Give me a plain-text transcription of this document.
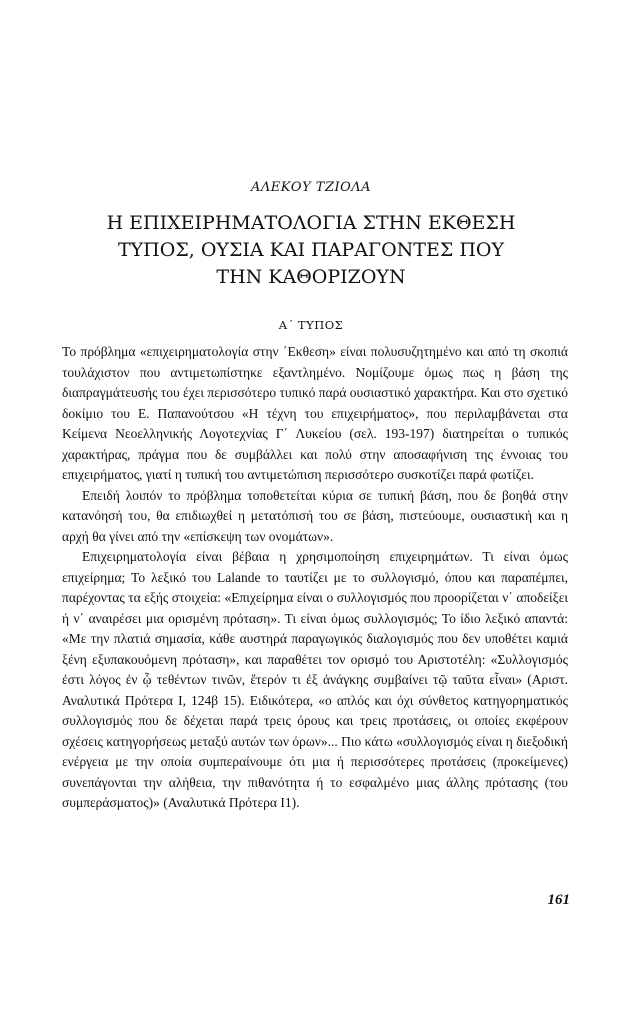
ΑΛΕΚΟΥ ΤΖΙΟΛΑ
Η ΕΠΙΧΕΙΡΗΜΑΤΟΛΟΓΙΑ ΣΤΗΝ ΕΚΘΕΣΗ
ΤΥΠΟΣ, ΟΥΣΙΑ ΚΑΙ ΠΑΡΑΓΟΝΤΕΣ ΠΟΥ
ΤΗΝ ΚΑΘΟΡΙΖΟΥΝ
Α΄ ΤΥΠΟΣ

Το πρόβλημα «επιχειρηματολογία στην ΄Εκθεση» είναι πολυσυζητημένο και από τη σκοπιά τουλάχιστον που αντιμετωπίστηκε εξαντλημένο. Νομίζουμε όμως πως η βάση της διαπραγμάτευσής του έχει περισσότερο τυπικό παρά ουσιαστικό χαρακτήρα. Και στο σχετικό δοκίμιο του Ε. Παπανούτσου «Η τέχνη του επιχειρήματος», που περιλαμβάνεται στα Κείμενα Νεοελληνικής Λογοτεχνίας Γ΄ Λυκείου (σελ. 193-197) διατηρείται ο τυπικός χαρακτήρας, πράγμα που δε συμβάλλει και πολύ στην αποσαφήνιση της έννοιας του επιχειρήματος, γιατί η τυπική του αντιμετώπιση περισσότερο συσκοτίζει παρά φωτίζει.

Επειδή λοιπόν το πρόβλημα τοποθετείται κύρια σε τυπική βάση, που δε βοηθά στην κατανόησή του, θα επιδιωχθεί η μετατόπισή του σε βάση, πιστεύουμε, ουσιαστική και η αρχή θα γίνει από την «επίσκεψη των ονομάτων».

Επιχειρηματολογία είναι βέβαια η χρησιμοποίηση επιχειρημάτων. Τι είναι όμως επιχείρημα; Το λεξικό του Lalande το ταυτίζει με το συλλογισμό, όπου και παραπέμπει, παρέχοντας τα εξής στοιχεία: «Επιχείρημα είναι ο συλλογισμός που προορίζεται ν΄ αποδείξει ή ν΄ αναιρέσει μια ορισμένη πρόταση». Τι είναι όμως συλλογισμός; Το ίδιο λεξικό απαντά: «Με την πλατιά σημασία, κάθε αυστηρά παραγωγικός διαλογισμός που δεν υποθέτει καμιά ξένη εξυπακουόμενη πρόταση», και παραθέτει τον ορισμό του Αριστοτέλη: «Συλλογισμός ἐστι λόγος ἐν ᾧ τεθέντων τινῶν, ἕτερόν τι ἐξ ἀνάγκης συμβαίνει τῷ ταῦτα εἶναι» (Αριστ. Αναλυτικά Πρότερα Ι, 124β 15). Ειδικότερα, «ο απλός και όχι σύνθετος κατηγορηματικός συλλογισμός που δε δέχεται παρά τρεις όρους και τρεις προτάσεις, οι οποίες εκφέρουν σχέσεις κατηγορήσεως μεταξύ αυτών των όρων»... Πιο κάτω «συλλογισμός είναι η διεξοδική ενέργεια με την οποία συμπεραίνουμε ότι μια ή περισσότερες προτάσεις (προκείμενες) συνεπάγονται την αλήθεια, την πιθανότητα ή το εσφαλμένο μιας άλλης πρότασης (του συμπεράσματος)» (Αναλυτικά Πρότερα Ι1).

161
